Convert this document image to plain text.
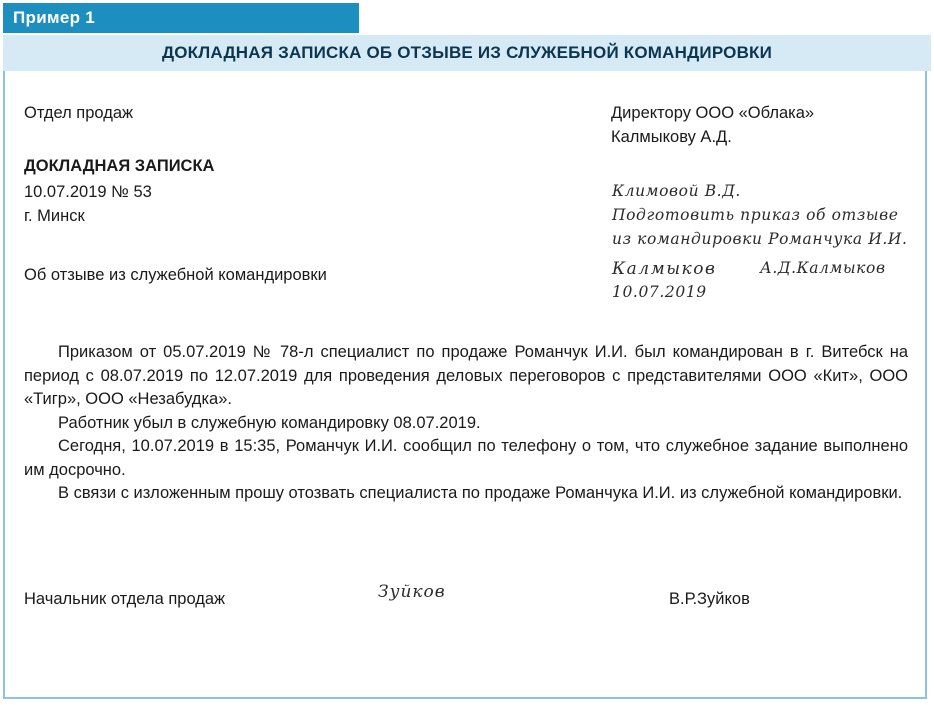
Пример 1
ДОКЛАДНАЯ ЗАПИСКА ОБ ОТЗЫВЕ ИЗ СЛУЖЕБНОЙ КОМАНДИРОВКИ
Отдел продаж	Директору ООО «Облака»
Калмыкову А.Д.
ДОКЛАДНАЯ ЗАПИСКА
10.07.2019 № 53
г. Минск
Об отзыве из служебной командировки
Климовой В.Д.
Подготовить приказ об отзыве
из командировки Романчука И.И.
Калмыков	А.Д.Калмыков
10.07.2019

Приказом от 05.07.2019 № 78-л специалист по продаже Романчук И.И. был командирован в г. Витебск на период с 08.07.2019 по 12.07.2019 для проведения деловых переговоров с представителями ООО «Кит», ООО «Тигр», ООО «Незабудка».

Работник убыл в служебную командировку 08.07.2019.

Сегодня, 10.07.2019 в 15:35, Романчук И.И. сообщил по телефону о том, что служебное задание выполнено им досрочно.

В связи с изложенным прошу отозвать специалиста по продаже Романчука И.И. из служебной командировки.

Начальник отдела продаж	Зуйков	В.Р.Зуйков
